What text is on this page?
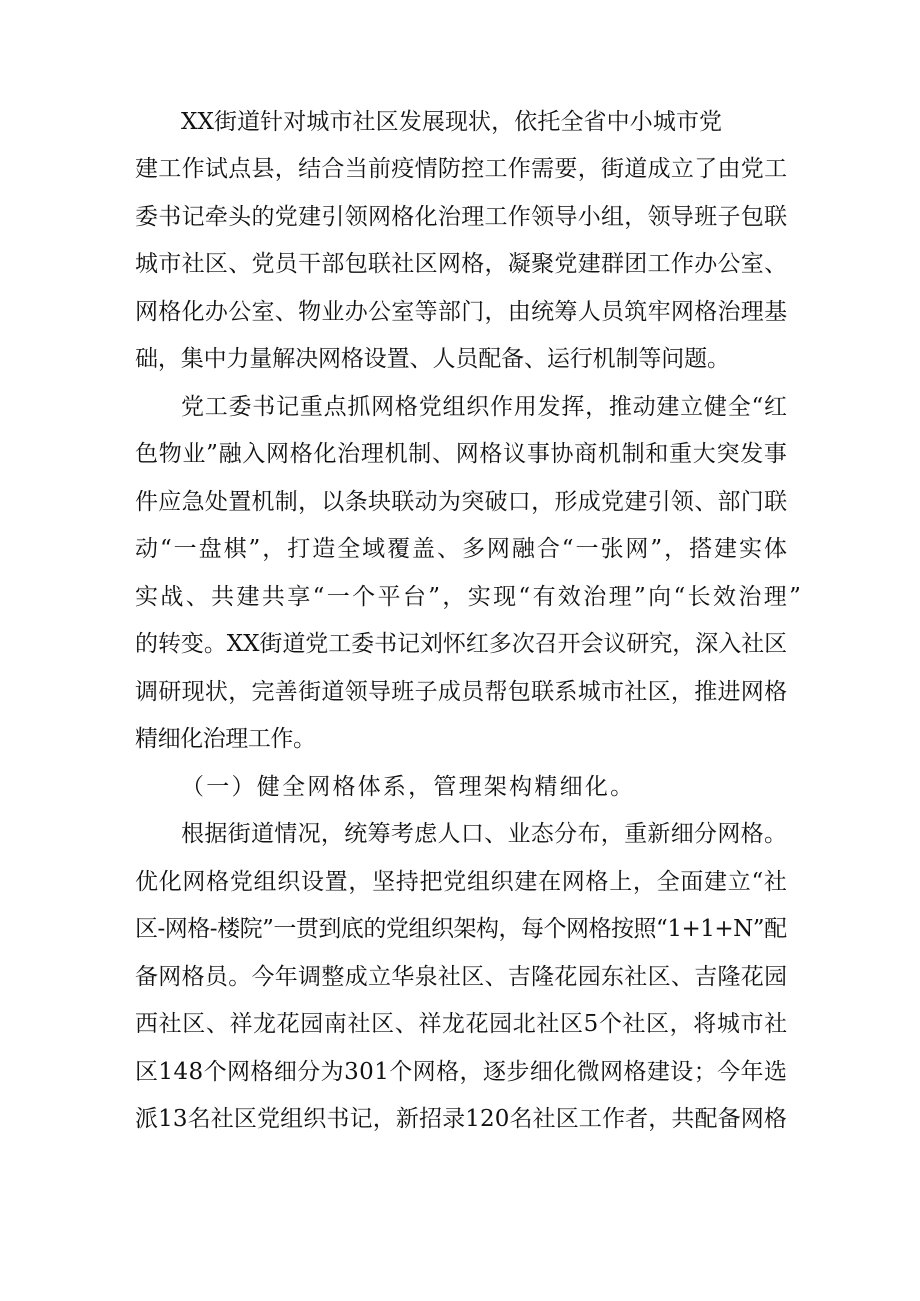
XX街道针对城市社区发展现状，依托全省中小城市党
建工作试点县，结合当前疫情防控工作需要，街道成立了由党工
委书记牵头的党建引领网格化治理工作领导小组，领导班子包联
城市社区、党员干部包联社区网格，凝聚党建群团工作办公室、
网格化办公室、物业办公室等部门，由统筹人员筑牢网格治理基
础，集中力量解决网格设置、人员配备、运行机制等问题。
党工委书记重点抓网格党组织作用发挥，推动建立健全“红
色物业”融入网格化治理机制、网格议事协商机制和重大突发事
件应急处置机制，以条块联动为突破口，形成党建引领、部门联
动“一盘棋”，打造全域覆盖、多网融合“一张网”，搭建实体
实战、共建共享“一个平台”，实现“有效治理”向“长效治理”
的转变。XX街道党工委书记刘怀红多次召开会议研究，深入社区
调研现状，完善街道领导班子成员帮包联系城市社区，推进网格
精细化治理工作。
（一）健全网格体系，管理架构精细化。
根据街道情况，统筹考虑人口、业态分布，重新细分网格。
优化网格党组织设置，坚持把党组织建在网格上，全面建立“社
区-网格-楼院”一贯到底的党组织架构，每个网格按照“1+1+N”配
备网格员。今年调整成立华泉社区、吉隆花园东社区、吉隆花园
西社区、祥龙花园南社区、祥龙花园北社区5个社区，将城市社
区148个网格细分为301个网格，逐步细化微网格建设；今年选
派13名社区党组织书记，新招录120名社区工作者，共配备网格
